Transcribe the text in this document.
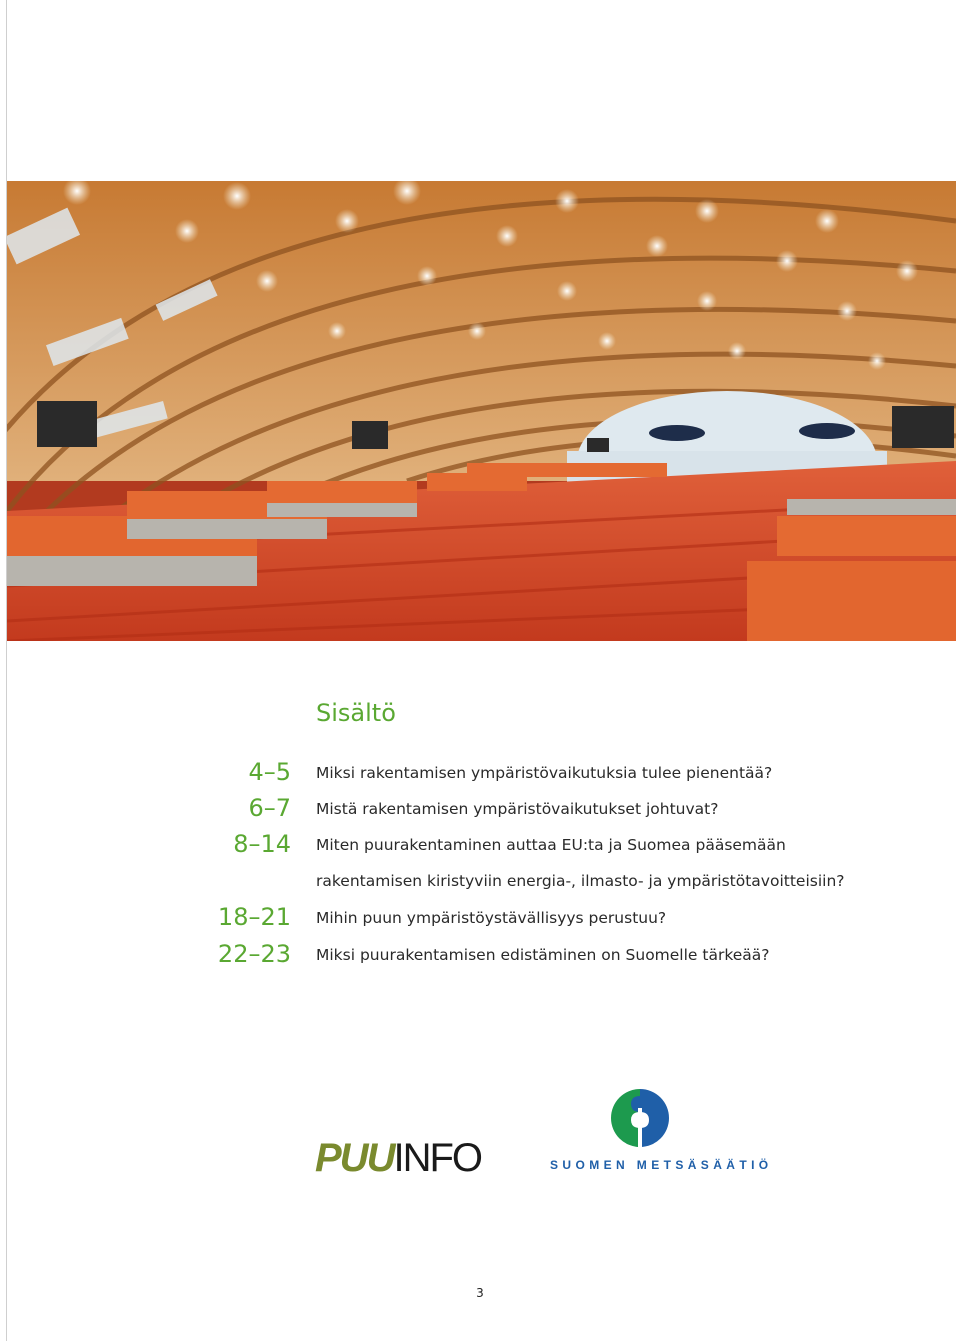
Sisältö
4–5 Miksi rakentamisen ympäristövaikutuksia tulee pienentää?
6–7 Mistä rakentamisen ympäristövaikutukset johtuvat?
8–14 Miten puurakentaminen auttaa EU:ta ja Suomea pääsemään
rakentamisen kiristyviin energia-, ilmasto- ja ympäristötavoitteisiin?
18–21 Mihin puun ympäristöystävällisyys perustuu?
22–23 Miksi puurakentamisen edistäminen on Suomelle tärkeää?
PUUINFO	SUOMEN METSÄSÄÄTIÖ
3
